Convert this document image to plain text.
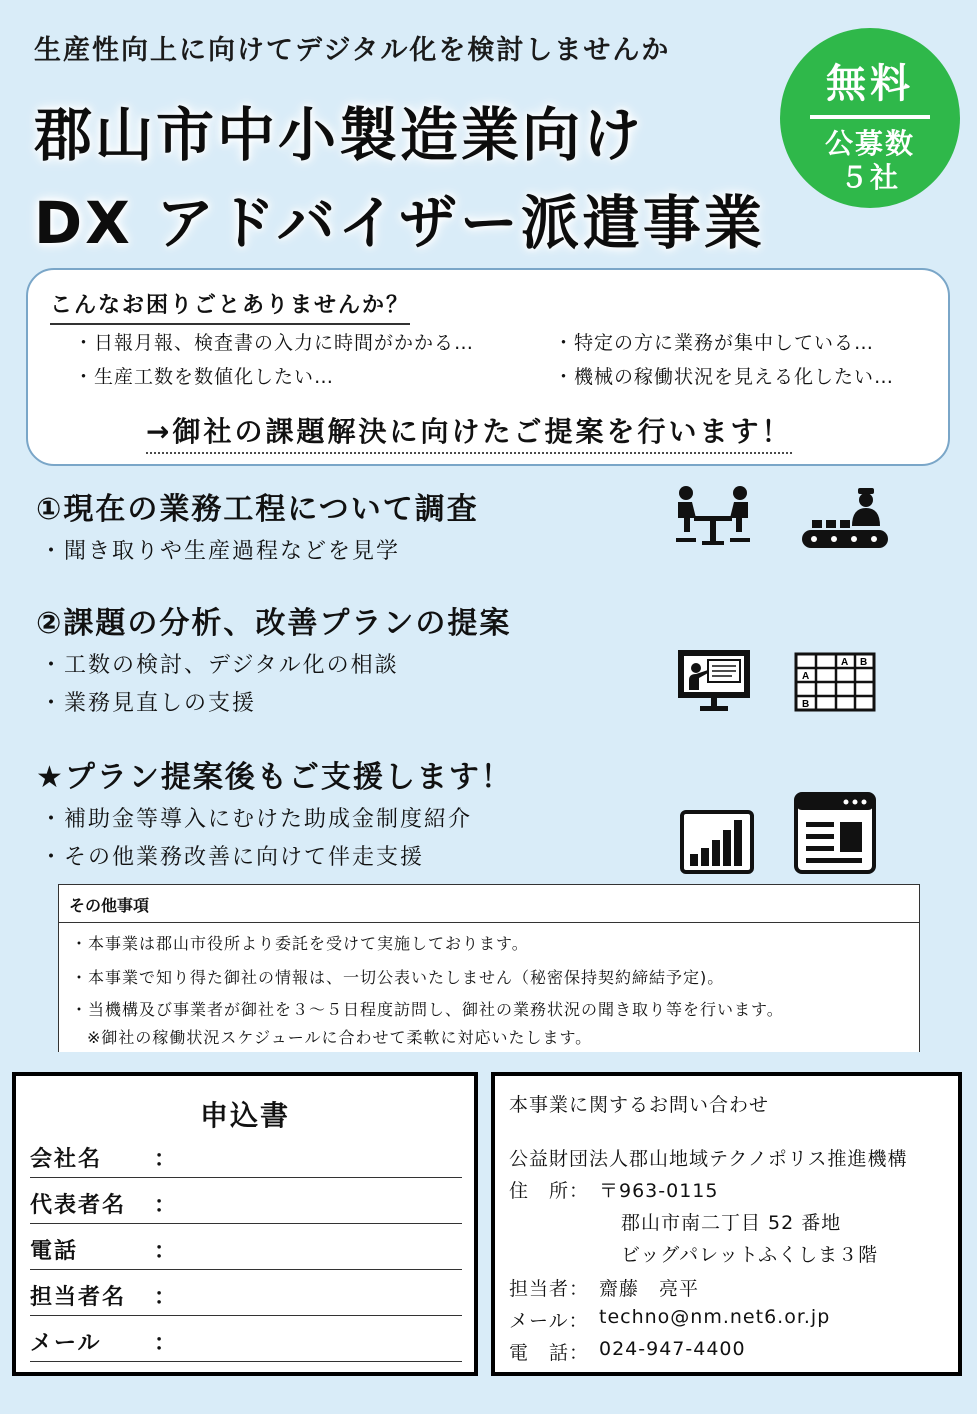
生産性向上に向けてデジタル化を検討しませんか
郡山市中小製造業向け
DX アドバイザー派遣事業
無料
公募数
５社
こんなお困りごとありませんか？
・日報月報、検査書の入力に時間がかかる…	・特定の方に業務が集中している…
・生産工数を数値化したい…	・機械の稼働状況を見える化したい…
→御社の課題解決に向けたご提案を行います！
①現在の業務工程について調査
・聞き取りや生産過程などを見学
②課題の分析、改善プランの提案
・工数の検討、デジタル化の相談
・業務見直しの支援
A B
A
B
★プラン提案後もご支援します！
・補助金等導入にむけた助成金制度紹介
・その他業務改善に向けて伴走支援
その他事項
・本事業は郡山市役所より委託を受けて実施しております。
・本事業で知り得た御社の情報は、一切公表いたしません（秘密保持契約締結予定)。
・当機構及び事業者が御社を３～５日程度訪問し、御社の業務状況の聞き取り等を行います。
※御社の稼働状況スケジュールに合わせて柔軟に対応いたします。
申込書
会社名 ：
代表者名 ：
電話	：
担当者名 ：
メール ：
本事業に関するお問い合わせ
公益財団法人郡山地域テクノポリス推進機構
住　所： 〒963-0115
郡山市南二丁目 52 番地
ビッグパレットふくしま３階
担当者： 齋藤　亮平
メール： techno@nm.net6.or.jp
電　話： 024-947-4400
